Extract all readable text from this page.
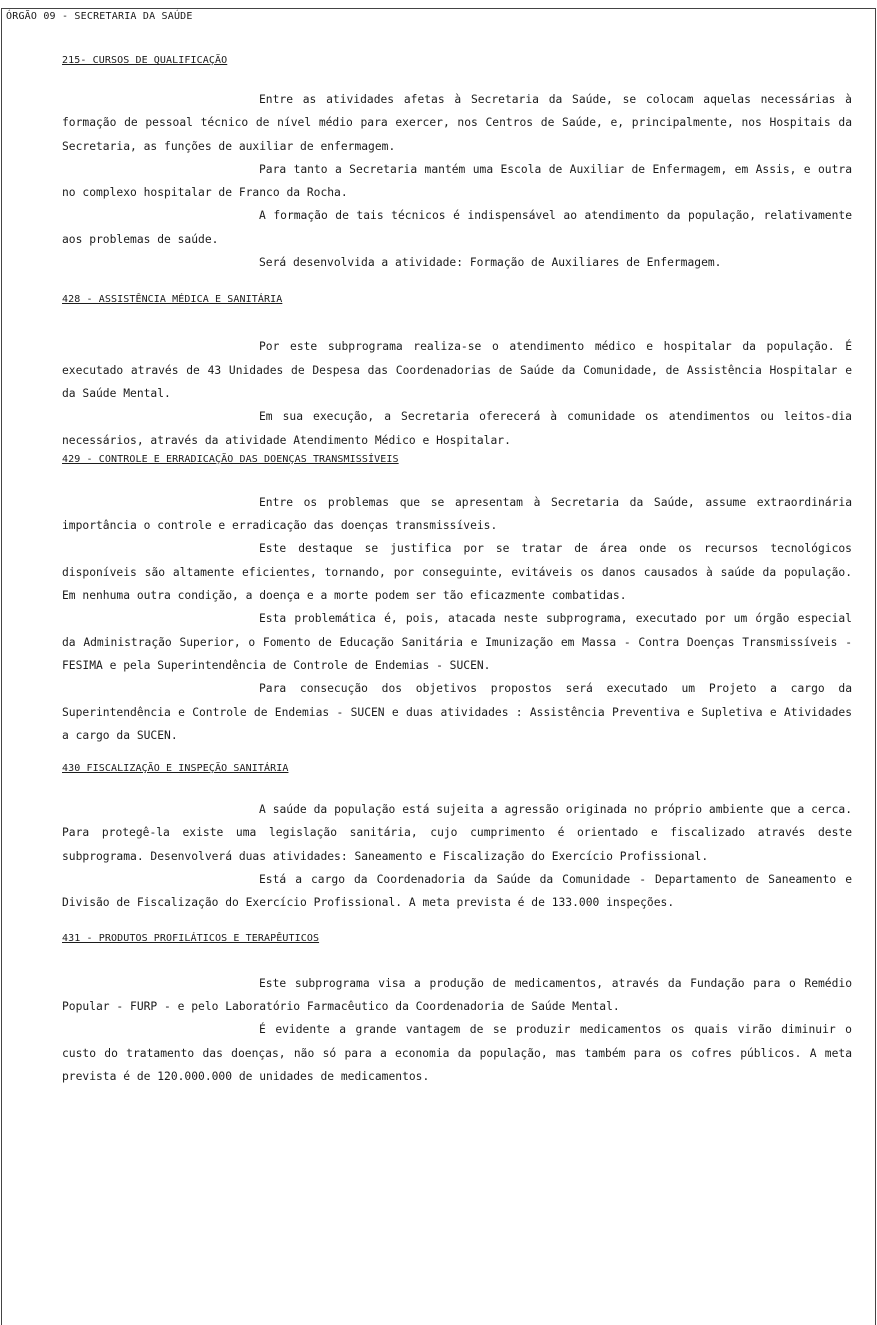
ÓRGÃO 09 - SECRETARIA DA SAÚDE
215- CURSOS DE QUALIFICAÇÃO

Entre as atividades afetas à Secretaria da Saúde, se colocam aquelas necessárias à formação de pessoal técnico de nível médio para exercer, nos Centros de Saúde, e, principalmente, nos Hospitais da Secretaria, as funções de auxiliar de enfermagem.

Para tanto a Secretaria mantém uma Escola de Auxiliar de Enfermagem, em Assis, e outra no complexo hospitalar de Franco da Rocha.

A formação de tais técnicos é indispensável ao atendimento da população, relativamente aos problemas de saúde.

Será desenvolvida a atividade: Formação de Auxiliares de Enfermagem.

428 - ASSISTÊNCIA MÉDICA E SANITÁRIA

Por este subprograma realiza-se o atendimento médico e hospitalar da população. É executado através de 43 Unidades de Despesa das Coordenadorias de Saúde da Comunidade, de Assistência Hospitalar e da Saúde Mental.

Em sua execução, a Secretaria oferecerá à comunidade os atendimentos ou leitos-dia necessários, através da atividade Atendimento Médico e Hospitalar.

429 - CONTROLE E ERRADICAÇÃO DAS DOENÇAS TRANSMISSÍVEIS

Entre os problemas que se apresentam à Secretaria da Saúde, assume extraordinária importância o controle e erradicação das doenças transmissíveis.

Este destaque se justifica por se tratar de área onde os recursos tecnológicos disponíveis são altamente eficientes, tornando, por conseguinte, evitáveis os danos causados à saúde da população. Em nenhuma outra condição, a doença e a morte podem ser tão eficazmente combatidas.

Esta problemática é, pois, atacada neste subprograma, executado por um órgão especial da Administração Superior, o Fomento de Educação Sanitária e Imunização em Massa - Contra Doenças Transmissíveis - FESIMA e pela Superintendência de Controle de Endemias - SUCEN.

Para consecução dos objetivos propostos será executado um Projeto a cargo da Superintendência e Controle de Endemias - SUCEN e duas atividades : Assistência Preventiva e Supletiva e Atividades a cargo da SUCEN.

430 FISCALIZAÇÃO E INSPEÇÃO SANITÁRIA

A saúde da população está sujeita a agressão originada no próprio ambiente que a cerca. Para protegê-la existe uma legislação sanitária, cujo cumprimento é orientado e fiscalizado através deste subprograma. Desenvolverá duas atividades: Saneamento e Fiscalização do Exercício Profissional.

Está a cargo da Coordenadoria da Saúde da Comunidade - Departamento de Saneamento e Divisão de Fiscalização do Exercício Profissional. A meta prevista é de 133.000 inspeções.

431 - PRODUTOS PROFILÁTICOS E TERAPÊUTICOS

Este subprograma visa a produção de medicamentos, através da Fundação para o Remédio Popular - FURP - e pelo Laboratório Farmacêutico da Coordenadoria de Saúde Mental.

É evidente a grande vantagem de se produzir medicamentos os quais virão diminuir o custo do tratamento das doenças, não só para a economia da população, mas também para os cofres públicos. A meta prevista é de 120.000.000 de unidades de medicamentos.
